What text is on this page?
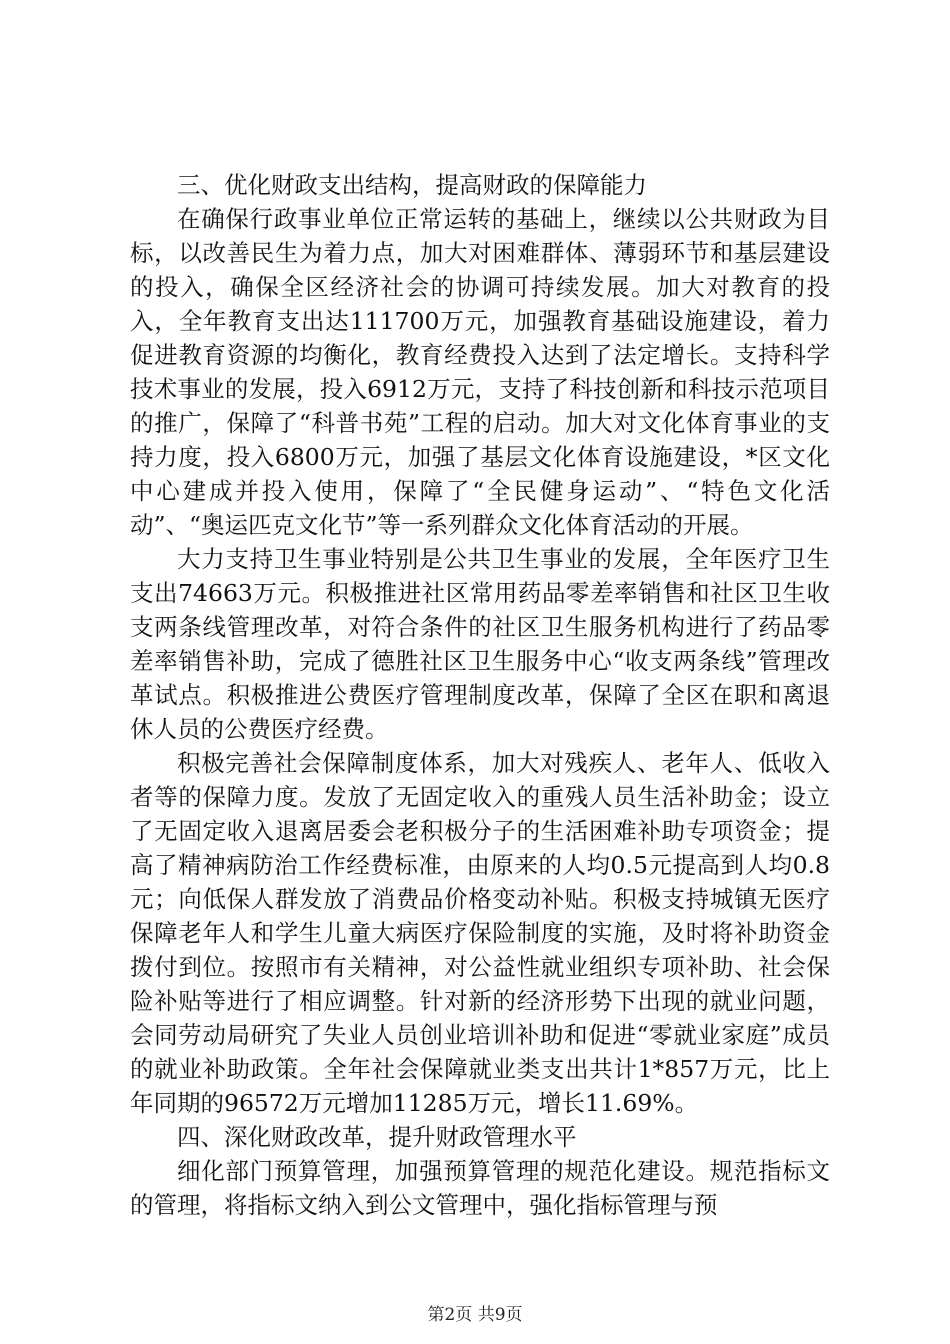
三、优化财政支出结构，提高财政的保障能力

在确保行政事业单位正常运转的基础上，继续以公共财政为目标，以改善民生为着力点，加大对困难群体、薄弱环节和基层建设的投入，确保全区经济社会的协调可持续发展。加大对教育的投入，全年教育支出达111700万元，加强教育基础设施建设，着力促进教育资源的均衡化，教育经费投入达到了法定增长。支持科学技术事业的发展，投入6912万元，支持了科技创新和科技示范项目的推广，保障了“科普书苑”工程的启动。加大对文化体育事业的支持力度，投入6800万元，加强了基层文化体育设施建设，*区文化中心建成并投入使用，保障了“全民健身运动”、“特色文化活动”、“奥运匹克文化节”等一系列群众文化体育活动的开展。

大力支持卫生事业特别是公共卫生事业的发展，全年医疗卫生支出74663万元。积极推进社区常用药品零差率销售和社区卫生收支两条线管理改革，对符合条件的社区卫生服务机构进行了药品零差率销售补助，完成了德胜社区卫生服务中心“收支两条线”管理改革试点。积极推进公费医疗管理制度改革，保障了全区在职和离退休人员的公费医疗经费。

积极完善社会保障制度体系，加大对残疾人、老年人、低收入者等的保障力度。发放了无固定收入的重残人员生活补助金；设立了无固定收入退离居委会老积极分子的生活困难补助专项资金；提高了精神病防治工作经费标准，由原来的人均0.5元提高到人均0.8元；向低保人群发放了消费品价格变动补贴。积极支持城镇无医疗保障老年人和学生儿童大病医疗保险制度的实施，及时将补助资金拨付到位。按照市有关精神，对公益性就业组织专项补助、社会保险补贴等进行了相应调整。针对新的经济形势下出现的就业问题，会同劳动局研究了失业人员创业培训补助和促进“零就业家庭”成员的就业补助政策。全年社会保障就业类支出共计1*857万元，比上年同期的96572万元增加11285万元，增长11.69%。

四、深化财政改革，提升财政管理水平

细化部门预算管理，加强预算管理的规范化建设。规范指标文的管理，将指标文纳入到公文管理中，强化指标管理与预

第2页 共9页
